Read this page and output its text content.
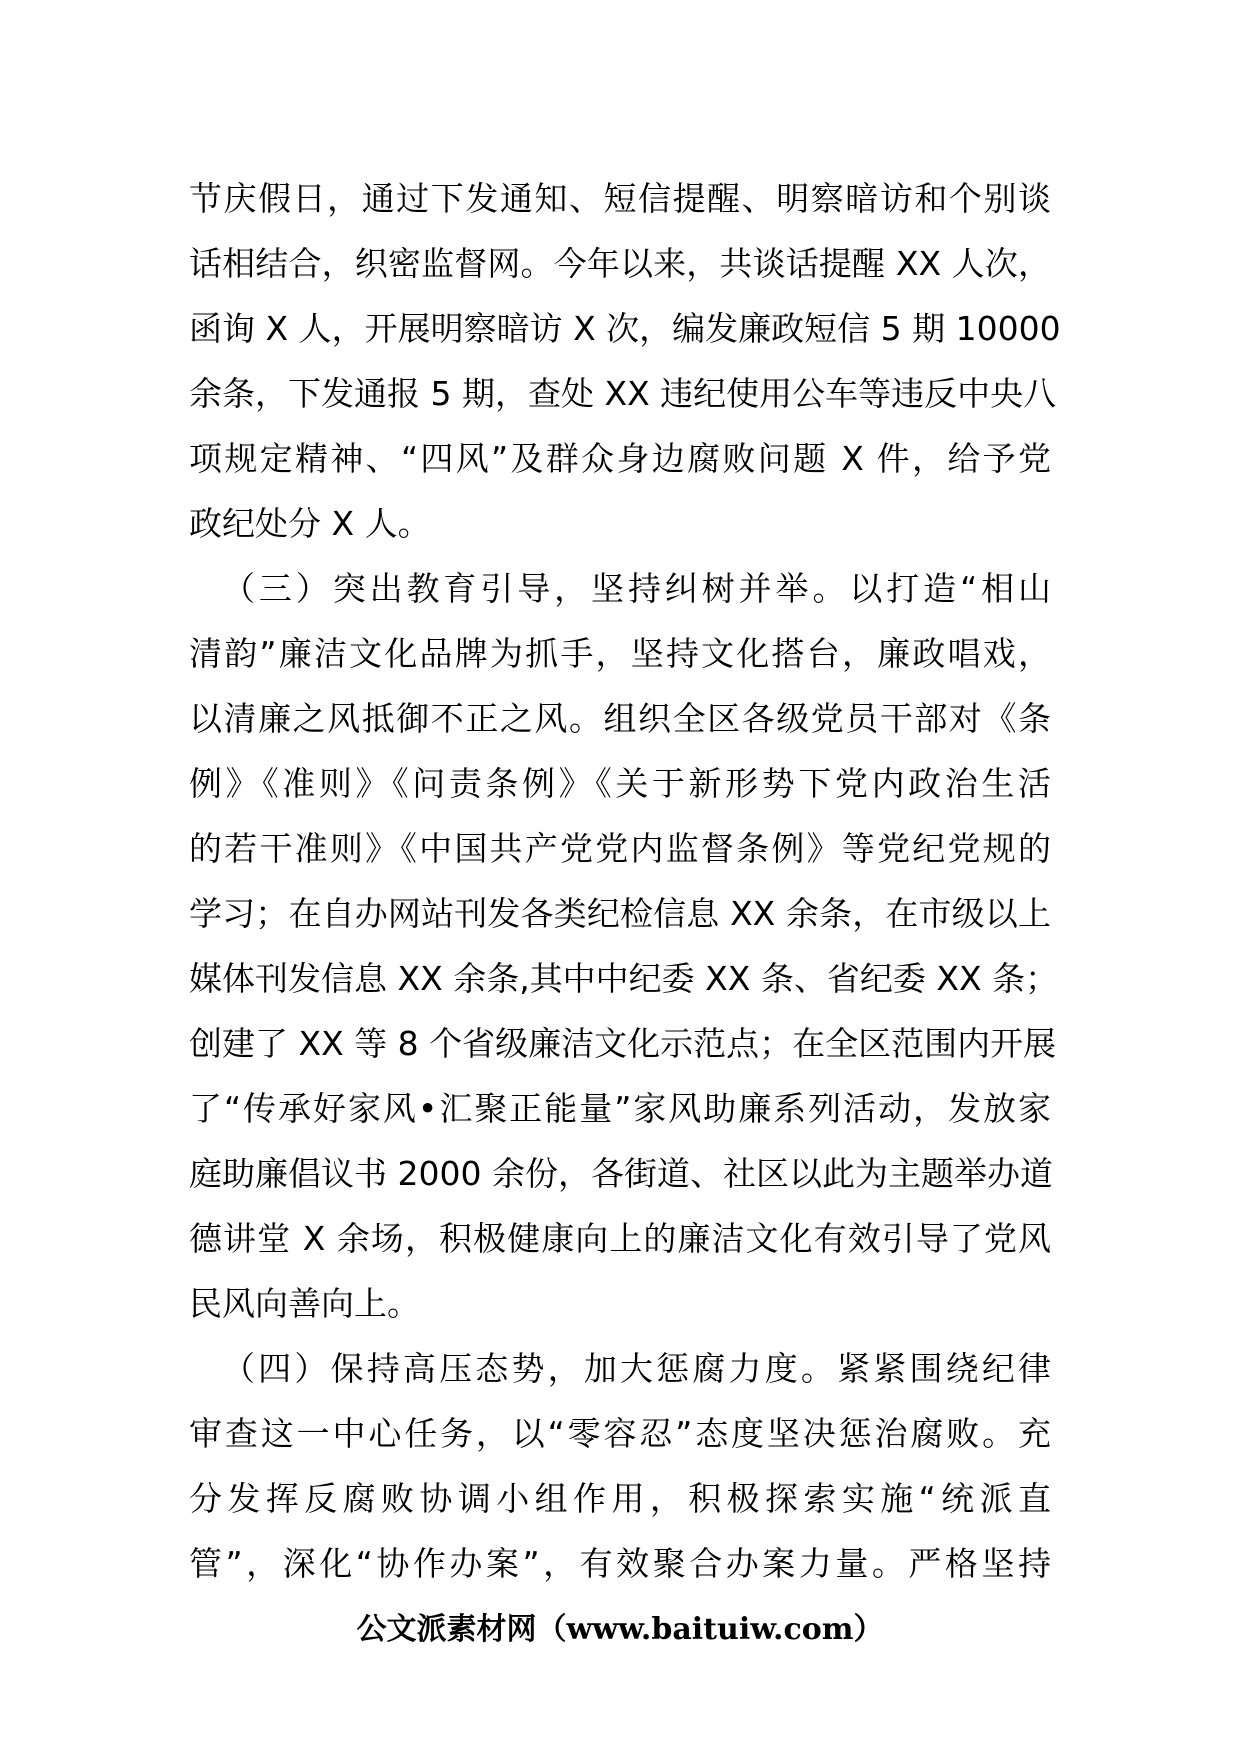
节庆假日，通过下发通知、短信提醒、明察暗访和个别谈
话相结合，织密监督网。今年以来，共谈话提醒 XX 人次，
函询 X 人，开展明察暗访 X 次，编发廉政短信 5 期 10000
余条，下发通报 5 期，查处 XX 违纪使用公车等违反中央八
项规定精神、“四风”及群众身边腐败问题 X 件，给予党
政纪处分 X 人。
（三）突出教育引导，坚持纠树并举。以打造“相山
清韵”廉洁文化品牌为抓手，坚持文化搭台，廉政唱戏，
以清廉之风抵御不正之风。组织全区各级党员干部对《条
例》《准则》《问责条例》《关于新形势下党内政治生活
的若干准则》《中国共产党党内监督条例》等党纪党规的
学习；在自办网站刊发各类纪检信息 XX 余条，在市级以上
媒体刊发信息 XX 余条,其中中纪委 XX 条、省纪委 XX 条；
创建了 XX 等 8 个省级廉洁文化示范点；在全区范围内开展
了“传承好家风•汇聚正能量”家风助廉系列活动，发放家
庭助廉倡议书 2000 余份，各街道、社区以此为主题举办道
德讲堂 X 余场，积极健康向上的廉洁文化有效引导了党风
民风向善向上。
（四）保持高压态势，加大惩腐力度。紧紧围绕纪律
审查这一中心任务，以“零容忍”态度坚决惩治腐败。充
分发挥反腐败协调小组作用，积极探索实施“统派直
管”，深化“协作办案”，有效聚合办案力量。严格坚持
公文派素材网（www.baituiw.com）
